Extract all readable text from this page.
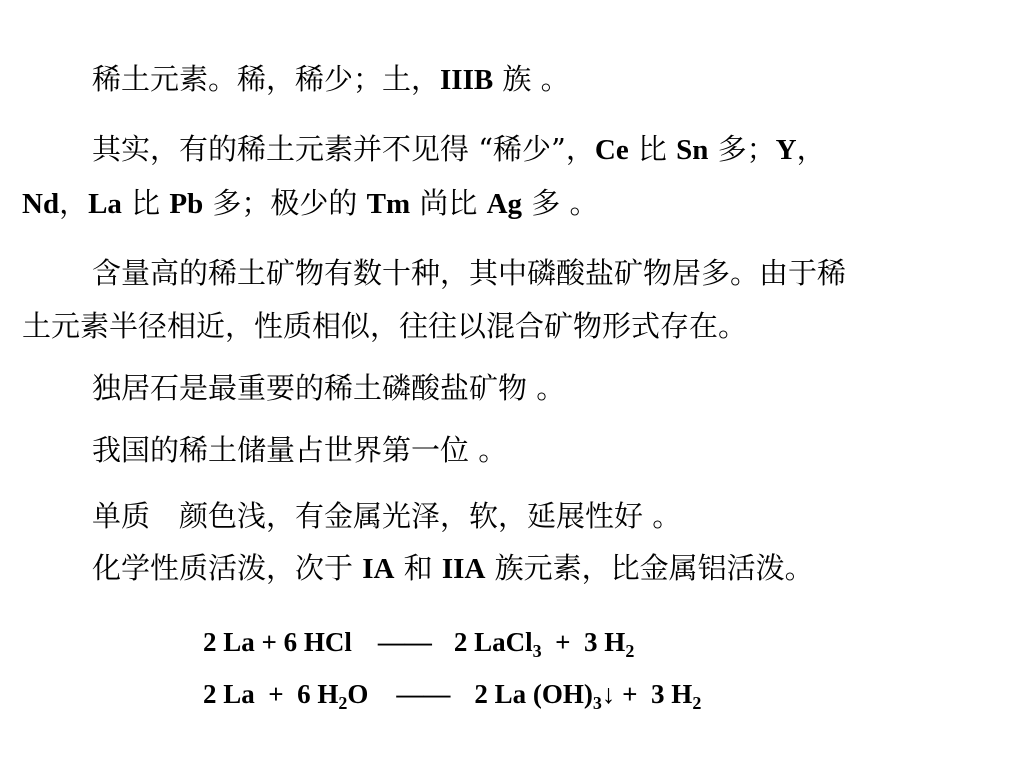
稀土元素。稀，稀少；土，IIIB 族 。
其实，有的稀土元素并不见得 “稀少”，Ce 比 Sn 多；Y，
Nd，La 比 Pb 多；极少的 Tm 尚比 Ag 多 。
含量高的稀土矿物有数十种，其中磷酸盐矿物居多。由于稀
土元素半径相近，性质相似，往往以混合矿物形式存在。
独居石是最重要的稀土磷酸盐矿物 。
我国的稀土储量占世界第一位 。
单质　颜色浅，有金属光泽，软，延展性好 。
化学性质活泼，次于 IA 和 IIA 族元素，比金属铝活泼。
2 La + 6 HCl —— 2 LaCl$_3$  +  3 $H_2$
2 La  +  6 $H_2O$ —— 2 La $(OH)_3↓ + 3$ $H_2$
